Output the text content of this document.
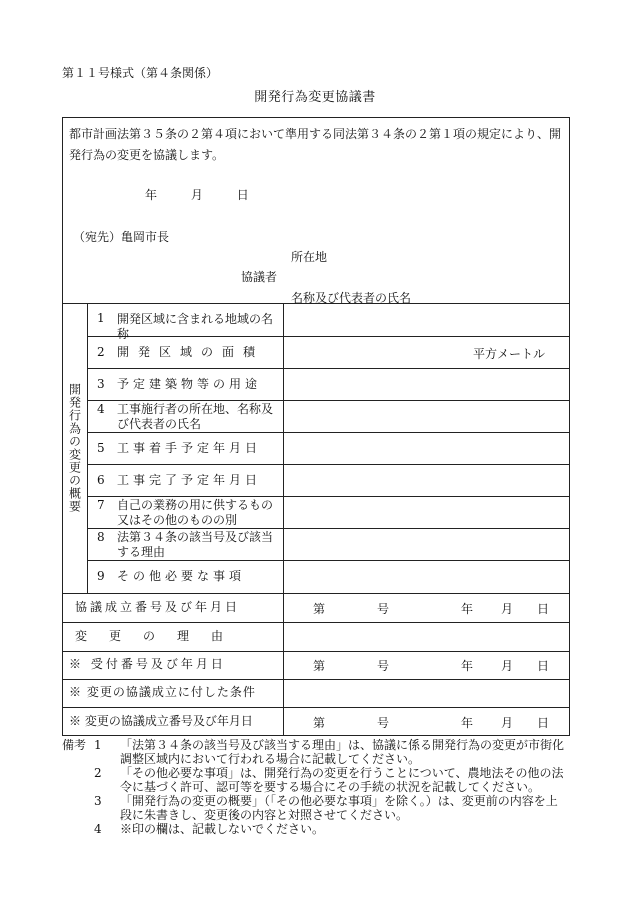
第１１号様式（第４条関係）
開発行為変更協議書
都市計画法第３５条の２第４項において準用する同法第３４条の２第１項の規定により、開発行為の変更を協議します。
年	月	日
（宛先）亀岡市長
所在地
協議者
名称及び代表者の氏名
開発行為の変更の概要
1 開発区域に含まれる地域の名称
2 開発区域の面積	平方メートル
3 予定建築物等の用途
4 工事施行者の所在地、名称及び代表者の氏名
5 工事着手予定年月日
6 工事完了予定年月日
7 自己の業務の用に供するもの又はその他のものの別
8 法第３４条の該当号及び該当する理由
9 その他必要な事項
協議成立番号及び年月日	第	号	年 月 日
変更の理由
※ 受付番号及び年月日	第	号	年 月 日
※ 変更の協議成立に付した条件
※ 変更の協議成立番号及び年月日	第	号	年 月 日
備考 1 「法第３４条の該当号及び該当する理由」は、協議に係る開発行為の変更が市街化調整区域内において行われる場合に記載してください。
2 「その他必要な事項」は、開発行為の変更を行うことについて、農地法その他の法令に基づく許可、認可等を要する場合にその手続の状況を記載してください。
3 「開発行為の変更の概要」（「その他必要な事項」を除く。）は、変更前の内容を上段に朱書きし、変更後の内容と対照させてください。
4 ※印の欄は、記載しないでください。
